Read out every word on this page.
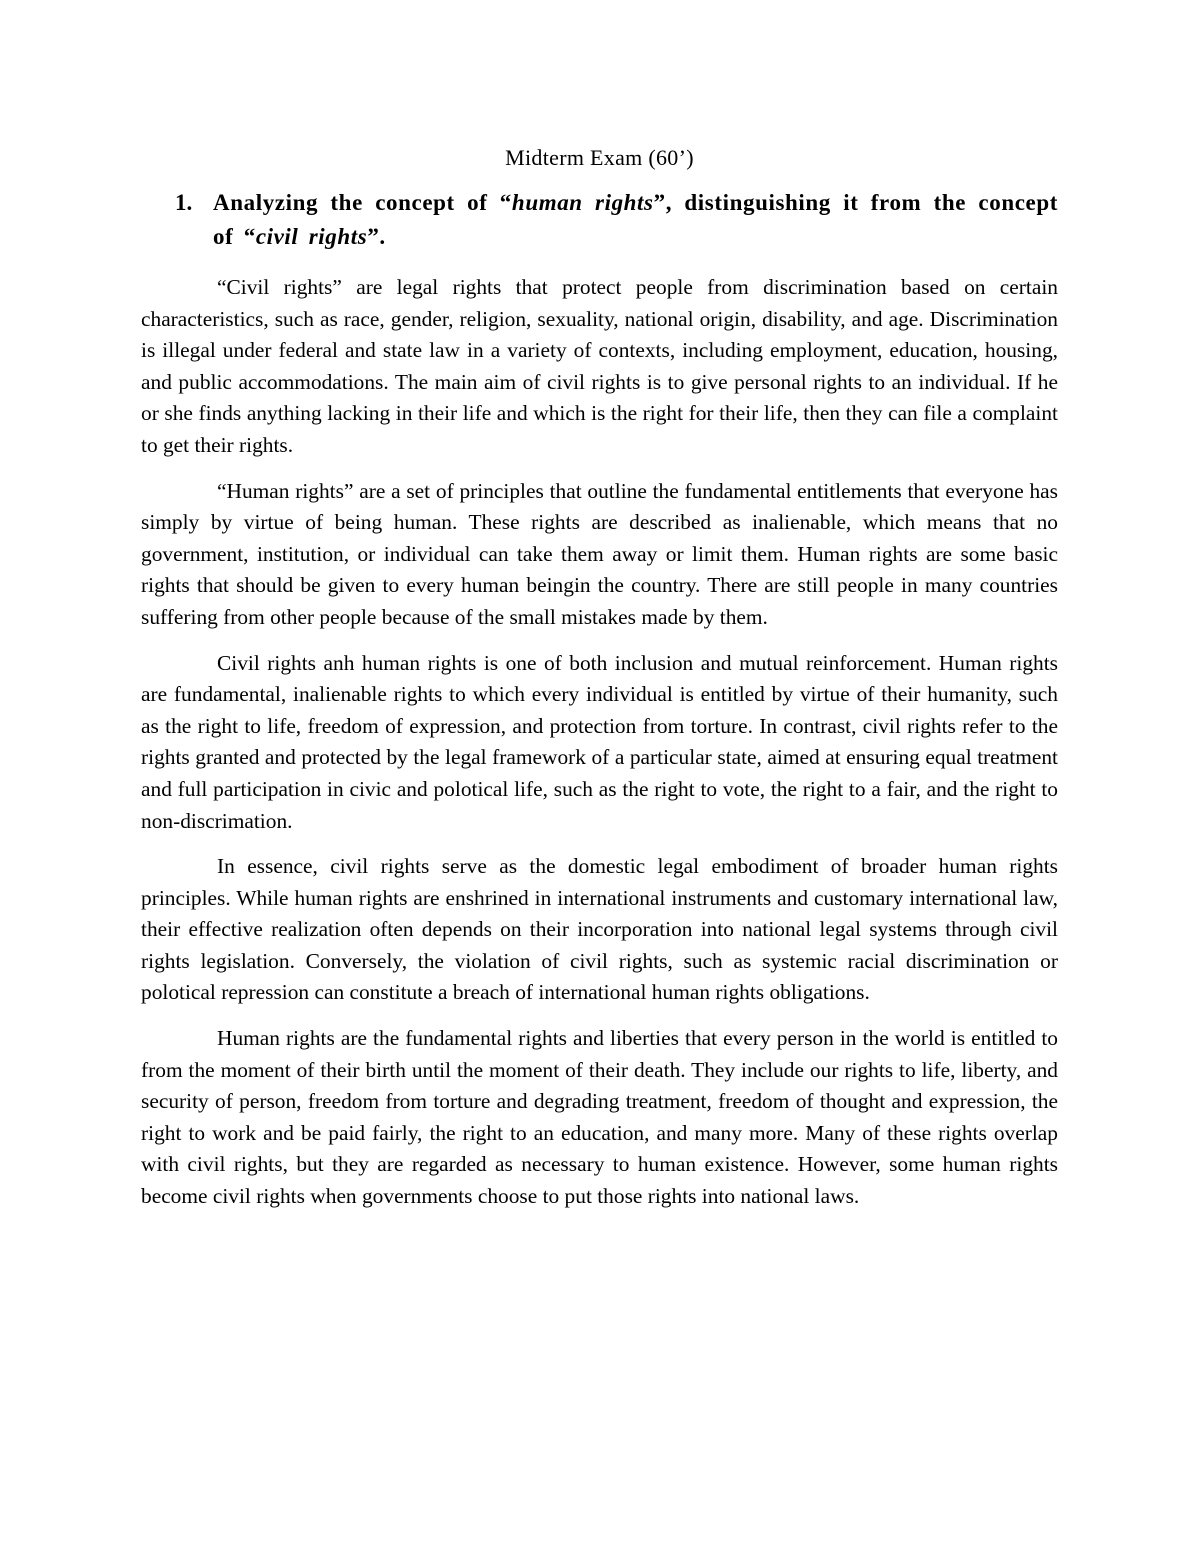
Midterm Exam (60’)
1. Analyzing the concept of “human rights”, distinguishing it from the concept of “civil rights”.

“Civil rights” are legal rights that protect people from discrimination based on certain characteristics, such as race, gender, religion, sexuality, national origin, disability, and age. Discrimination is illegal under federal and state law in a variety of contexts, including employment, education, housing, and public accommodations. The main aim of civil rights is to give personal rights to an individual. If he or she finds anything lacking in their life and which is the right for their life, then they can file a complaint to get their rights.

“Human rights” are a set of principles that outline the fundamental entitlements that everyone has simply by virtue of being human. These rights are described as inalienable, which means that no government, institution, or individual can take them away or limit them. Human rights are some basic rights that should be given to every human beingin the country. There are still people in many countries suffering from other people because of the small mistakes made by them.

Civil rights anh human rights is one of both inclusion and mutual reinforcement. Human rights are fundamental, inalienable rights to which every individual is entitled by virtue of their humanity, such as the right to life, freedom of expression, and protection from torture. In contrast, civil rights refer to the rights granted and protected by the legal framework of a particular state, aimed at ensuring equal treatment and full participation in civic and polotical life, such as the right to vote, the right to a fair, and the right to non-discrimation.

In essence, civil rights serve as the domestic legal embodiment of broader human rights principles. While human rights are enshrined in international instruments and customary international law, their effective realization often depends on their incorporation into national legal systems through civil rights legislation. Conversely, the violation of civil rights, such as systemic racial discrimination or polotical repression can constitute a breach of international human rights obligations.

Human rights are the fundamental rights and liberties that every person in the world is entitled to from the moment of their birth until the moment of their death. They include our rights to life, liberty, and security of person, freedom from torture and degrading treatment, freedom of thought and expression, the right to work and be paid fairly, the right to an education, and many more. Many of these rights overlap with civil rights, but they are regarded as necessary to human existence. However, some human rights become civil rights when governments choose to put those rights into national laws.
